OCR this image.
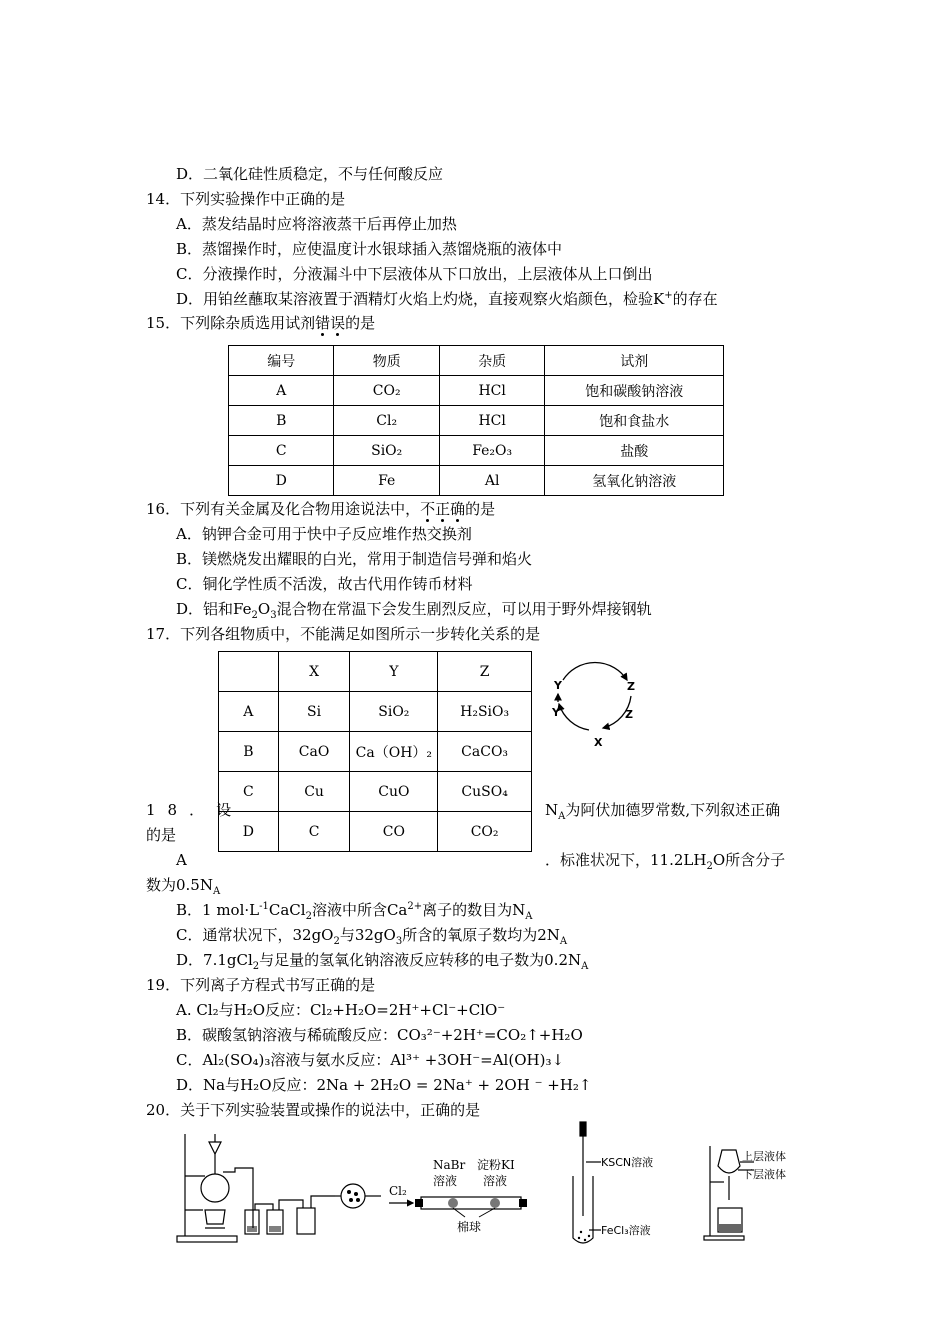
D．二氧化硅性质稳定，不与任何酸反应
14．下列实验操作中正确的是
A．蒸发结晶时应将溶液蒸干后再停止加热
B．蒸馏操作时，应使温度计水银球插入蒸馏烧瓶的液体中
C．分液操作时，分液漏斗中下层液体从下口放出，上层液体从上口倒出
D．用铂丝蘸取某溶液置于酒精灯火焰上灼烧，直接观察火焰颜色，检验K+的存在
15．下列除杂质选用试剂错误的是
编号	物质	杂质	试剂
A	CO₂	HCl	饱和碳酸钠溶液
B	Cl₂	HCl	饱和食盐水
C	SiO₂	Fe₂O₃	盐酸
D	Fe	Al	氢氧化钠溶液
16．下列有关金属及化合物用途说法中，不正确的是
A．钠钾合金可用于快中子反应堆作热交换剂
B．镁燃烧发出耀眼的白光，常用于制造信号弹和焰火
C．铜化学性质不活泼，故古代用作铸币材料
D．铝和$Fe_2O_3$混合物在常温下会发生剧烈反应，可以用于野外焊接钢轨
17．下列各组物质中，不能满足如图所示一步转化关系的是
	X	Y	Z
A	Si	SiO₂	H₂SiO₃
B	CaO	Ca（OH）₂	CaCO₃
C	Cu	CuO	CuSO₄
D	C	CO	CO₂
Y
Y
Z
Z
X
18．设	$N_A$为阿伏加德罗常数,下列叙述正确
的是
A	．标准状况下，$11.2LH_2O$所含分子
数为$0.5N_A$
B．1 $mol\cdot L^{-1}CaCl_2$溶液中所含$Ca^{2+}$离子的数目为$N_A$
C．通常状况下，$32gO_2$与$32gO_3$所含的氧原子数均为$2N_A$
D．7.1gCl$_2$与足量的氢氧化钠溶液反应转移的电子数为$0.2N_A$
19．下列离子方程式书写正确的是
A. Cl₂与H₂O反应：Cl₂+H₂O=2H⁺+Cl⁻+ClO⁻
B．碳酸氢钠溶液与稀硫酸反应：CO₃²⁻+2H⁺=CO₂↑+H₂O
C．Al₂(SO₄)₃溶液与氨水反应：Al³⁺ +3OH⁻=Al(OH)₃↓
D．Na与H₂O反应：2Na + 2H₂O = 2Na⁺ + 2OH ⁻ +H₂↑
20．关于下列实验装置或操作的说法中，正确的是
Cl₂
NaBr
溶液
淀粉KI
溶液
棉球
KSCN溶液
FeCl₃溶液
上层液体
下层液体
